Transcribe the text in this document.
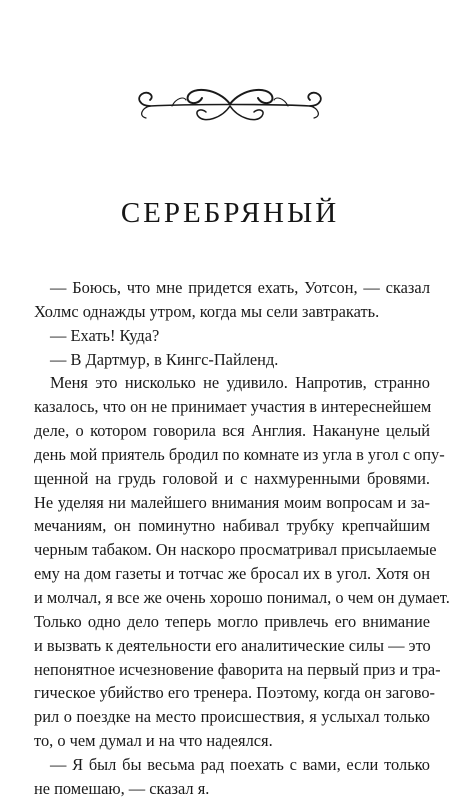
СЕРЕБРЯНЫЙ
— Боюсь, что мне придется ехать, Уотсон, — сказал
Холмс однажды утром, когда мы сели завтракать.
— Ехать! Куда?
— В Дартмур, в Кингс-Пайленд.
Меня это нисколько не удивило. Напротив, странно
казалось, что он не принимает участия в интереснейшем
деле, о котором говорила вся Англия. Накануне целый
день мой приятель бродил по комнате из угла в угол с опу-
щенной на грудь головой и с нахмуренными бровями.
Не уделяя ни малейшего внимания моим вопросам и за-
мечаниям, он поминутно набивал трубку крепчайшим
черным табаком. Он наскоро просматривал присылаемые
ему на дом газеты и тотчас же бросал их в угол. Хотя он
и молчал, я все же очень хорошо понимал, о чем он думает.
Только одно дело теперь могло привлечь его внимание
и вызвать к деятельности его аналитические силы — это
непонятное исчезновение фаворита на первый приз и тра-
гическое убийство его тренера. Поэтому, когда он загово-
рил о поездке на место происшествия, я услыхал только
то, о чем думал и на что надеялся.
— Я был бы весьма рад поехать с вами, если только
не помешаю, — сказал я.
